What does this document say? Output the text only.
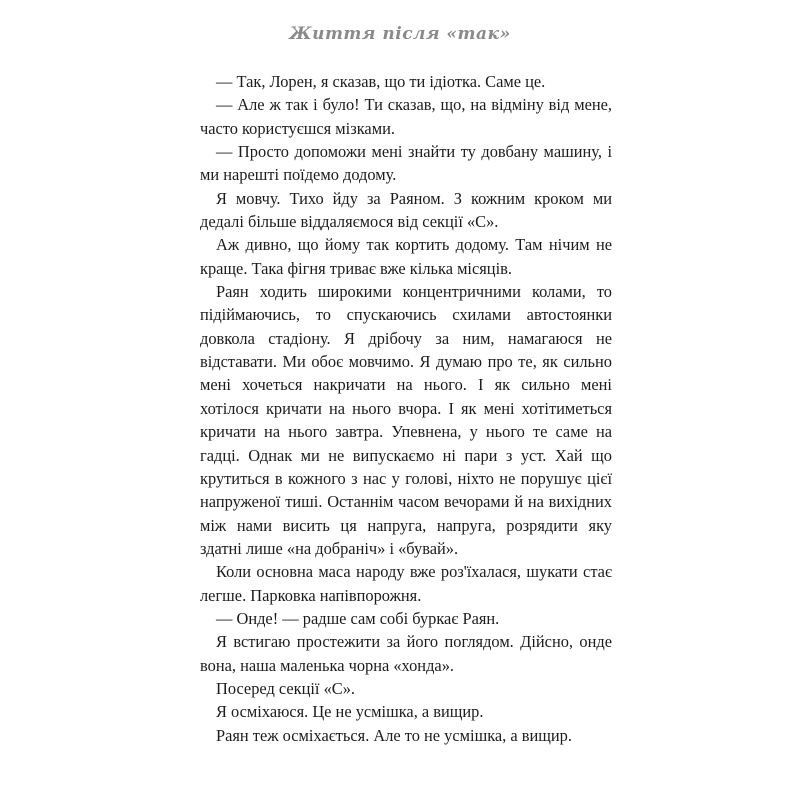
Життя після «так»

— Так, Лорен, я сказав, що ти ідіотка. Саме це.

— Але ж так і було! Ти сказав, що, на відміну від мене, часто користуєшся мізками.

— Просто допоможи мені знайти ту довбану машину, і ми нарешті поїдемо додому.

Я мовчу. Тихо йду за Раяном. З кожним кроком ми дедалі більше віддаляємося від секції «С».

Аж дивно, що йому так кортить додому. Там нічим не краще. Така фігня триває вже кілька місяців.

Раян ходить широкими концентричними колами, то підіймаючись, то спускаючись схилами автостоянки довкола стадіону. Я дрібочу за ним, намагаюся не відставати. Ми обоє мовчимо. Я думаю про те, як сильно мені хочеться накричати на нього. І як сильно мені хотілося кричати на нього вчора. І як мені хотітиметься кричати на нього завтра. Упевнена, у нього те саме на гадці. Однак ми не випускаємо ні пари з уст. Хай що крутиться в кожного з нас у голові, ніхто не порушує цієї напруженої тиші. Останнім часом вечорами й на вихідних між нами висить ця напруга, напруга, розрядити яку здатні лише «на добраніч» і «бувай».

Коли основна маса народу вже роз'їхалася, шукати стає легше. Парковка напівпорожня.

— Онде! — радше сам собі буркає Раян.

Я встигаю простежити за його поглядом. Дійсно, онде вона, наша маленька чорна «хонда».

Посеред секції «С».

Я осміхаюся. Це не усмішка, а вищир.

Раян теж осміхається. Але то не усмішка, а вищир.
